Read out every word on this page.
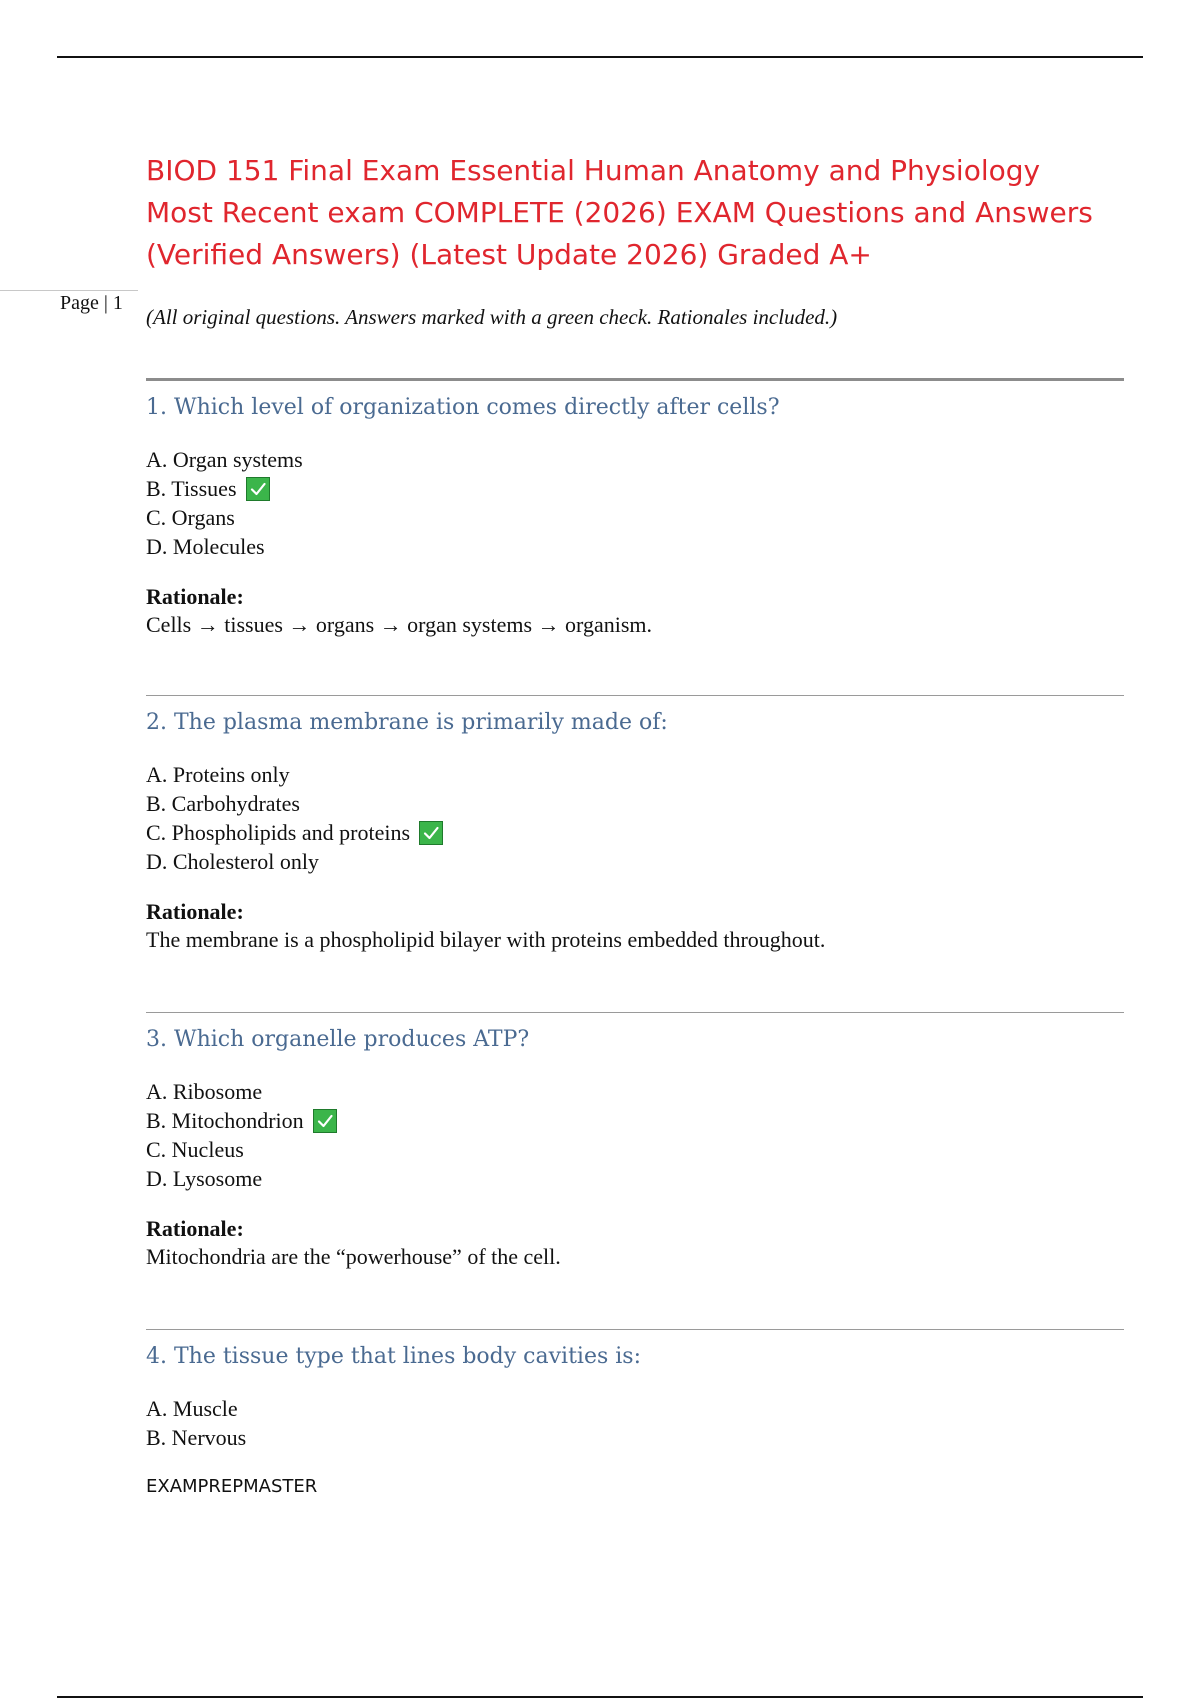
Page | 1
BIOD 151 Final Exam Essential Human Anatomy and Physiology
Most Recent exam COMPLETE (2026) EXAM Questions and Answers
(Verified Answers) (Latest Update 2026) Graded A+
(All original questions. Answers marked with a green check. Rationales included.)
1. Which level of organization comes directly after cells?
A. Organ systems
B. Tissues
C. Organs
D. Molecules
Rationale:
Cells → tissues → organs → organ systems → organism.
2. The plasma membrane is primarily made of:
A. Proteins only
B. Carbohydrates
C. Phospholipids and proteins
D. Cholesterol only
Rationale:
The membrane is a phospholipid bilayer with proteins embedded throughout.
3. Which organelle produces ATP?
A. Ribosome
B. Mitochondrion
C. Nucleus
D. Lysosome
Rationale:
Mitochondria are the “powerhouse” of the cell.
4. The tissue type that lines body cavities is:
A. Muscle
B. Nervous
EXAMPREPMASTER
